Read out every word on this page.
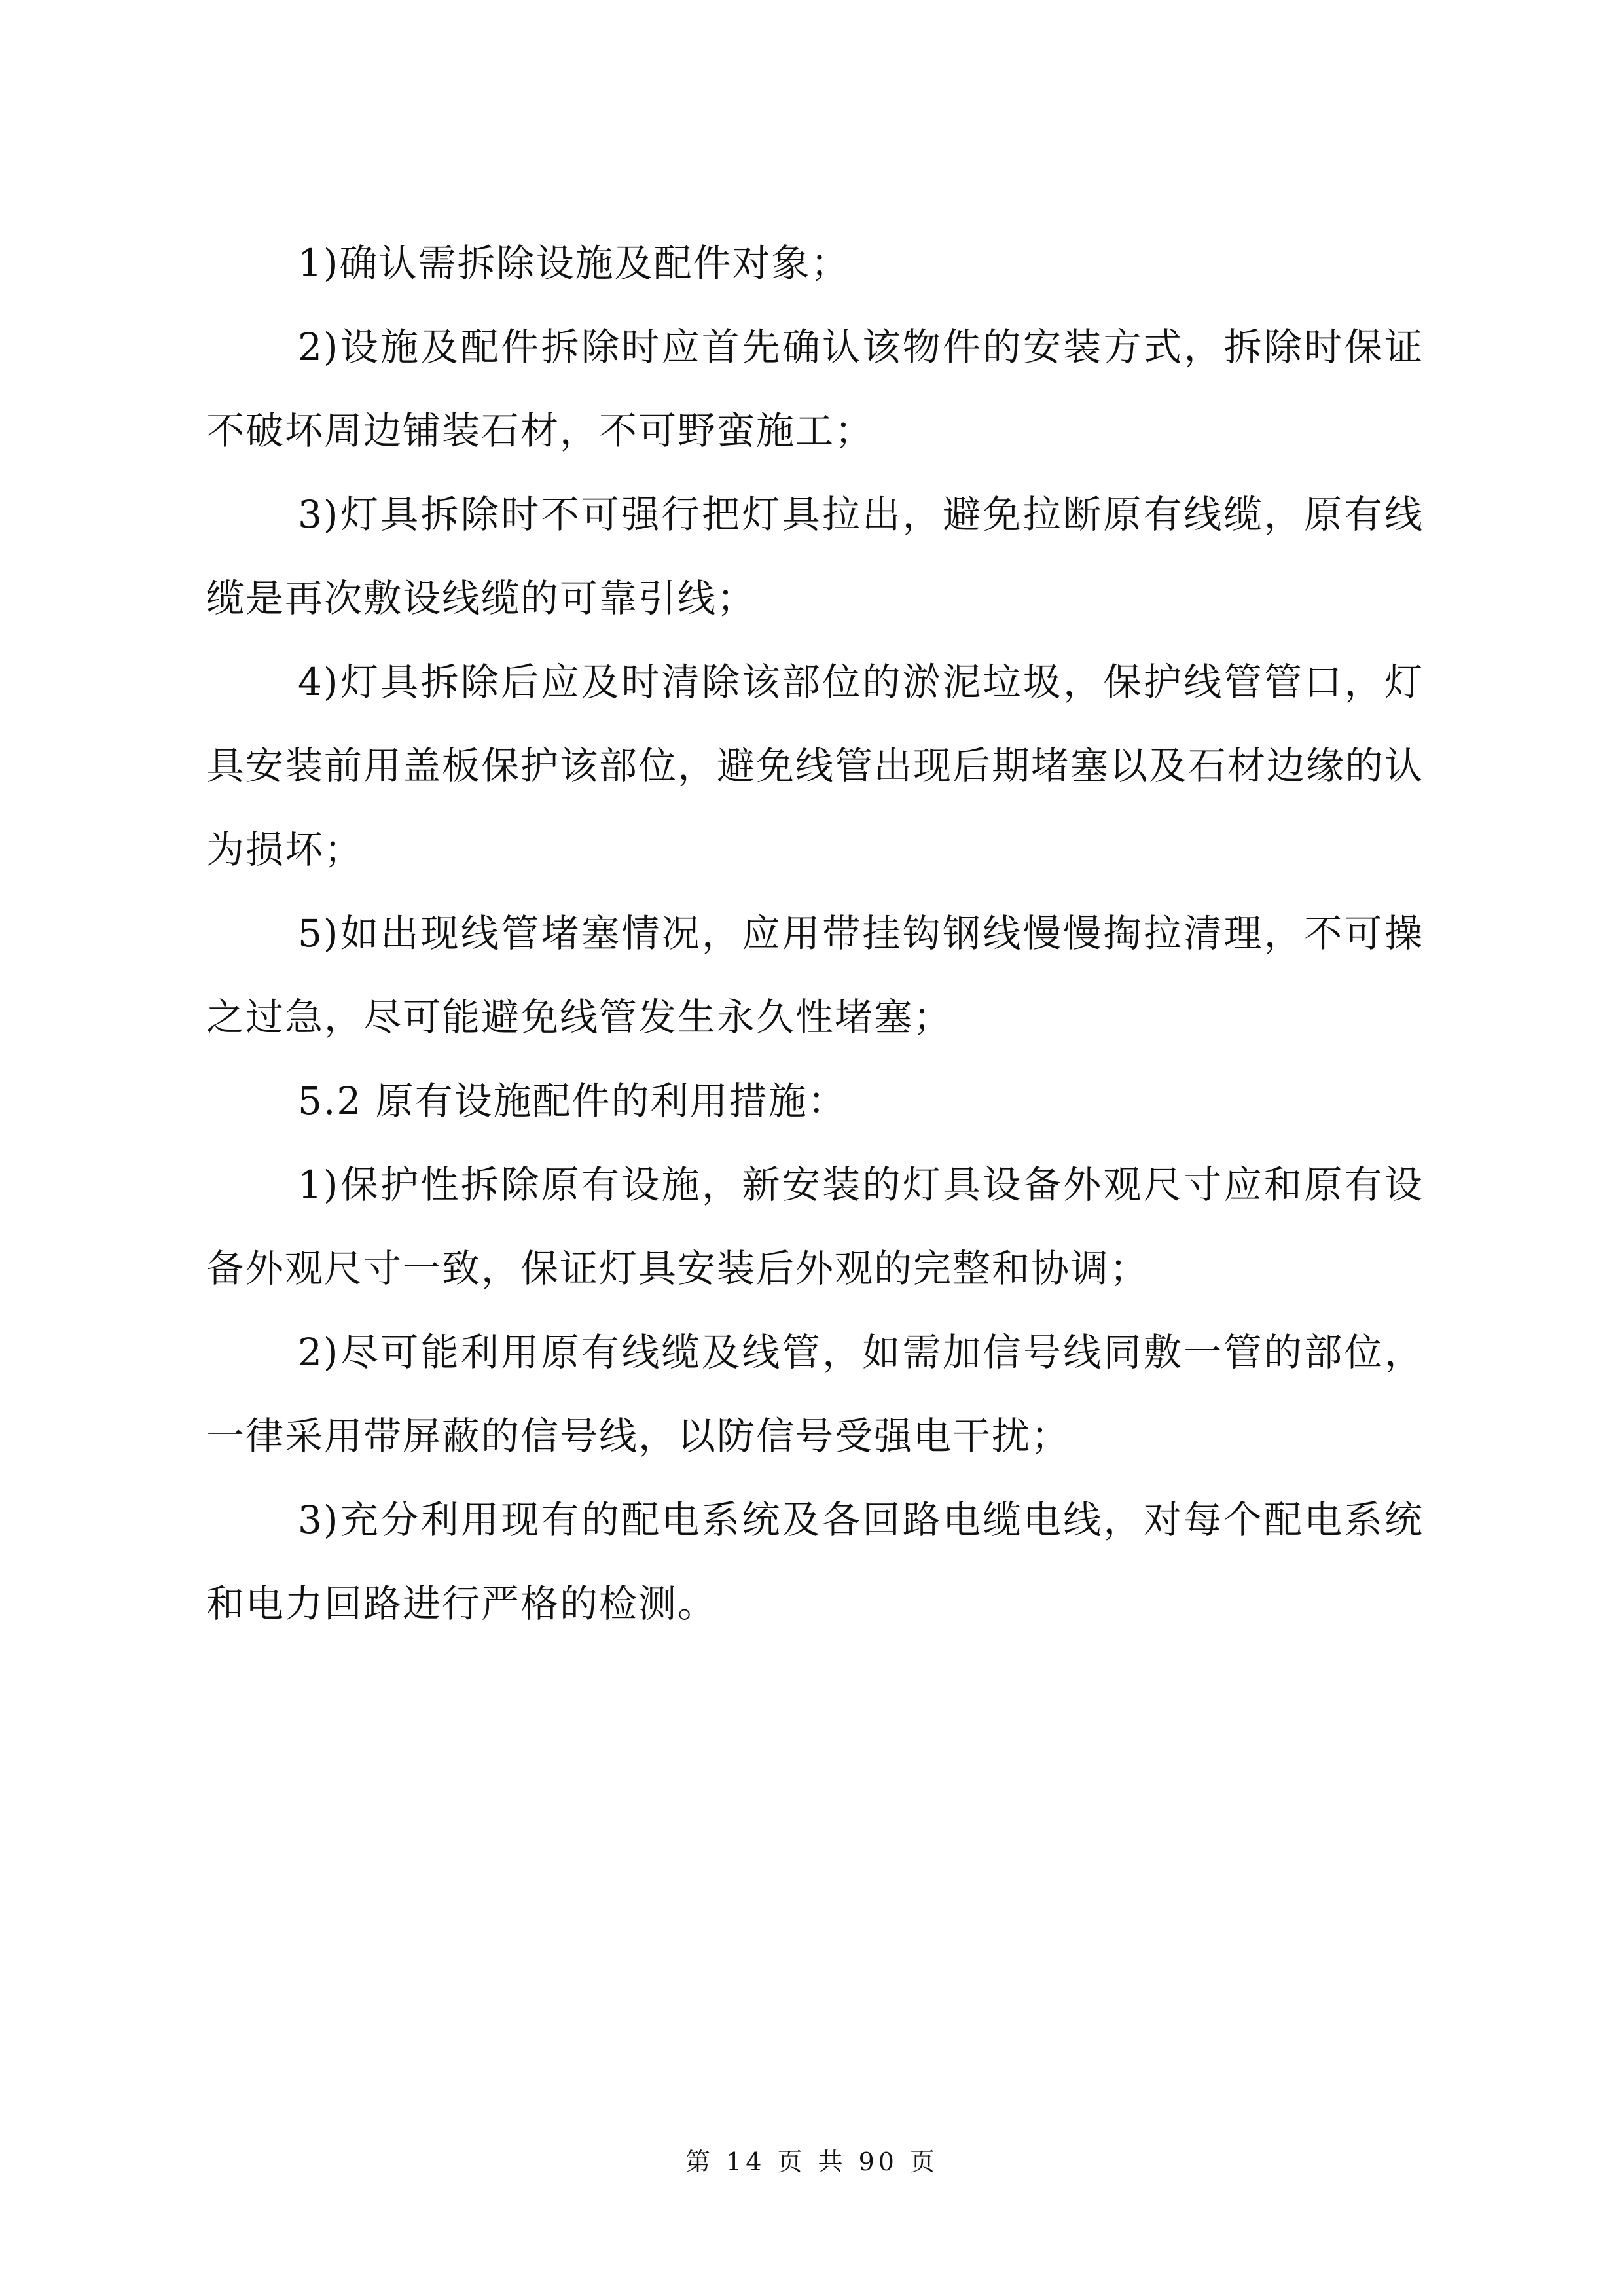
1)确认需拆除设施及配件对象；

2)设施及配件拆除时应首先确认该物件的安装方式，拆除时保证不破坏周边铺装石材，不可野蛮施工；

3)灯具拆除时不可强行把灯具拉出，避免拉断原有线缆，原有线缆是再次敷设线缆的可靠引线；

4)灯具拆除后应及时清除该部位的淤泥垃圾，保护线管管口，灯具安装前用盖板保护该部位，避免线管出现后期堵塞以及石材边缘的认为损坏；

5)如出现线管堵塞情况，应用带挂钩钢线慢慢掏拉清理，不可操之过急，尽可能避免线管发生永久性堵塞；

5.2 原有设施配件的利用措施：

1)保护性拆除原有设施，新安装的灯具设备外观尺寸应和原有设备外观尺寸一致，保证灯具安装后外观的完整和协调；

2)尽可能利用原有线缆及线管，如需加信号线同敷一管的部位，一律采用带屏蔽的信号线，以防信号受强电干扰；

3)充分利用现有的配电系统及各回路电缆电线，对每个配电系统和电力回路进行严格的检测。

第 14 页 共 90 页
